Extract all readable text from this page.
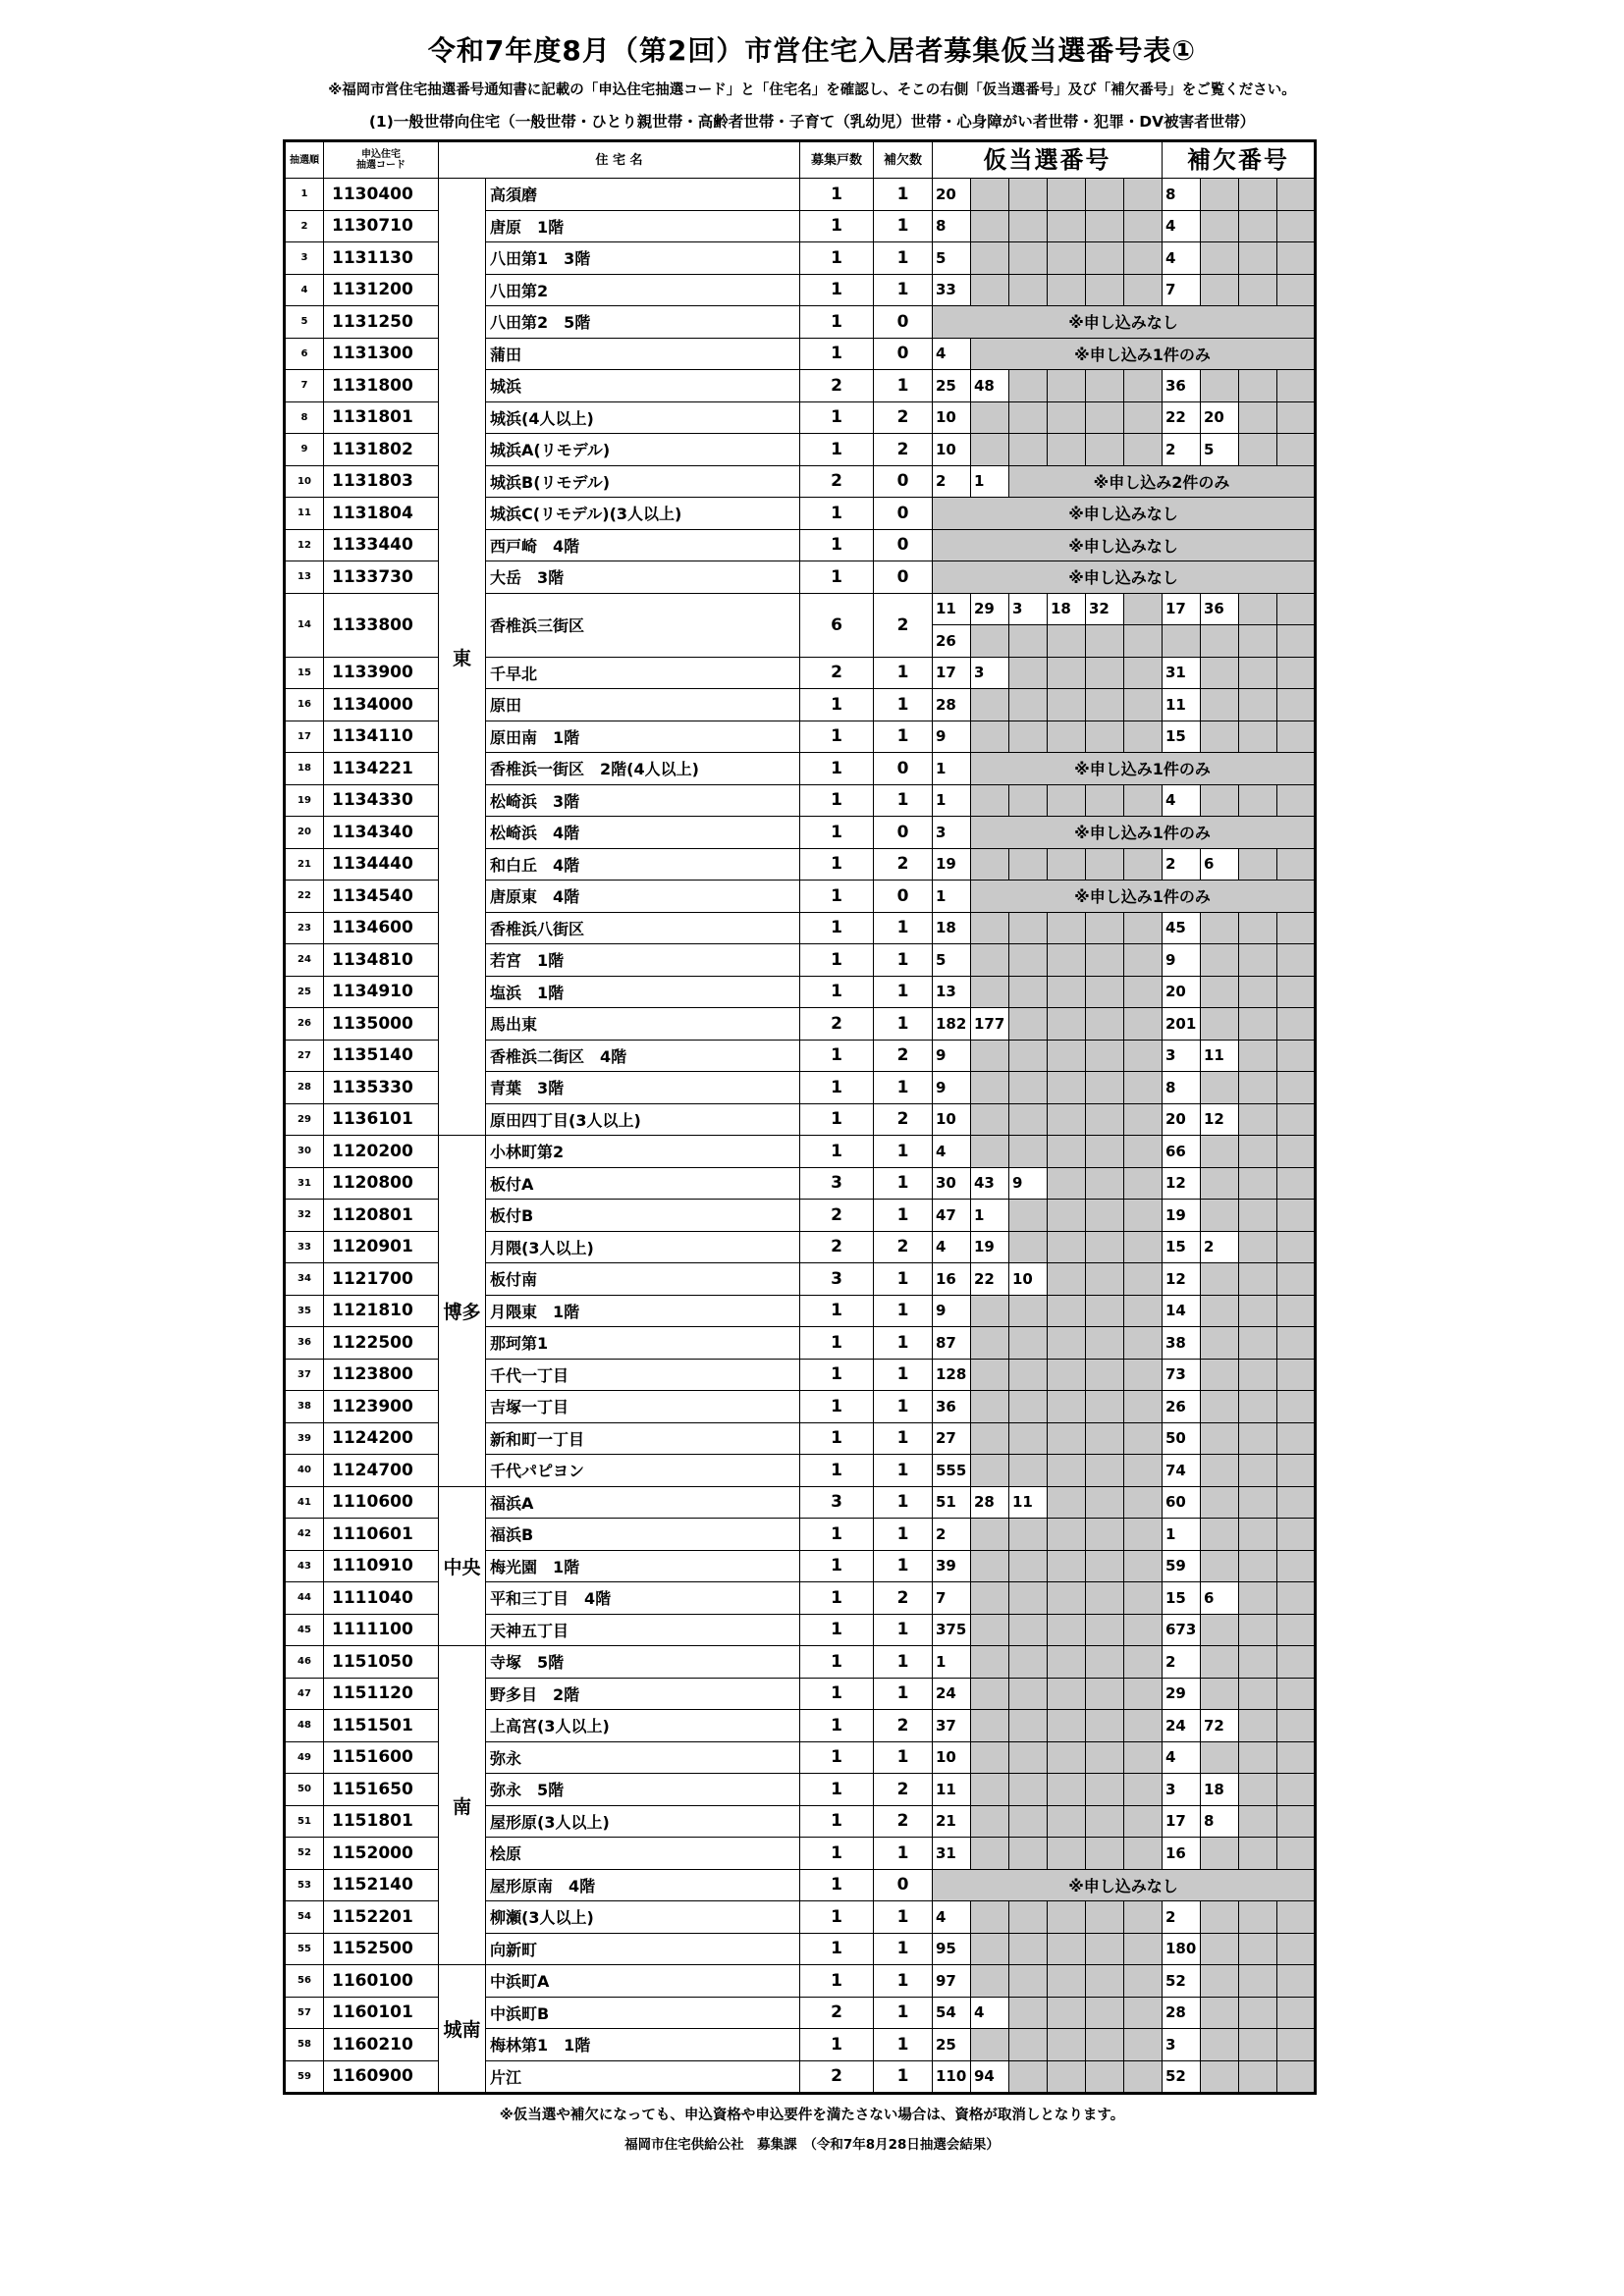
令和7年度8月（第2回）市営住宅入居者募集仮当選番号表①
※福岡市営住宅抽選番号通知書に記載の「申込住宅抽選コード」と「住宅名」を確認し、そこの右側「仮当選番号」及び「補欠番号」をご覧ください。
(1)一般世帯向住宅（一般世帯・ひとり親世帯・高齢者世帯・子育て（乳幼児）世帯・心身障がい者世帯・犯罪・DV被害者世帯）
抽選順	申込住宅
抽選コード	住 宅 名		募集戸数	補欠数	仮当選番号						補欠番号			
1	1130400	東	高須磨	1	1	20						8			
2	1130710		唐原　1階	1	1	8						4			
3	1131130		八田第1　3階	1	1	5						4			
4	1131200		八田第2	1	1	33						7			
5	1131250		八田第2　5階	1	0	※申し込みなし									
6	1131300		蒲田	1	0	4	※申し込み1件のみ								
7	1131800		城浜	2	1	25	48					36			
8	1131801		城浜(4人以上)	1	2	10						22	20		
9	1131802		城浜A(リモデル)	1	2	10						2	5		
10	1131803		城浜B(リモデル)	2	0	2	1	※申し込み2件のみ							
11	1131804		城浜C(リモデル)(3人以上)	1	0	※申し込みなし									
12	1133440		西戸崎　4階	1	0	※申し込みなし									
13	1133730		大岳　3階	1	0	※申し込みなし									
14	1133800		香椎浜三街区	6	2	11	29	3	18	32		17	36		
						26									
15	1133900		千早北	2	1	17	3					31			
16	1134000		原田	1	1	28						11			
17	1134110		原田南　1階	1	1	9						15			
18	1134221		香椎浜一街区　2階(4人以上)	1	0	1	※申し込み1件のみ								
19	1134330		松崎浜　3階	1	1	1						4			
20	1134340		松崎浜　4階	1	0	3	※申し込み1件のみ								
21	1134440		和白丘　4階	1	2	19						2	6		
22	1134540		唐原東　4階	1	0	1	※申し込み1件のみ								
23	1134600		香椎浜八街区	1	1	18						45			
24	1134810		若宮　1階	1	1	5						9			
25	1134910		塩浜　1階	1	1	13						20			
26	1135000		馬出東	2	1	182	177					201			
27	1135140		香椎浜二街区　4階	1	2	9						3	11		
28	1135330		青葉　3階	1	1	9						8			
29	1136101		原田四丁目(3人以上)	1	2	10						20	12		
30	1120200	博多	小林町第2	1	1	4						66			
31	1120800		板付A	3	1	30	43	9				12			
32	1120801		板付B	2	1	47	1					19			
33	1120901		月隈(3人以上)	2	2	4	19					15	2		
34	1121700		板付南	3	1	16	22	10				12			
35	1121810		月隈東　1階	1	1	9						14			
36	1122500		那珂第1	1	1	87						38			
37	1123800		千代一丁目	1	1	128						73			
38	1123900		吉塚一丁目	1	1	36						26			
39	1124200		新和町一丁目	1	1	27						50			
40	1124700		千代パピヨン	1	1	555						74			
41	1110600	中央	福浜A	3	1	51	28	11				60			
42	1110601		福浜B	1	1	2						1			
43	1110910		梅光園　1階	1	1	39						59			
44	1111040		平和三丁目　4階	1	2	7						15	6		
45	1111100		天神五丁目	1	1	375						673			
46	1151050	南	寺塚　5階	1	1	1						2			
47	1151120		野多目　2階	1	1	24						29			
48	1151501		上高宮(3人以上)	1	2	37						24	72		
49	1151600		弥永	1	1	10						4			
50	1151650		弥永　5階	1	2	11						3	18		
51	1151801		屋形原(3人以上)	1	2	21						17	8		
52	1152000		桧原	1	1	31						16			
53	1152140		屋形原南　4階	1	0	※申し込みなし									
54	1152201		柳瀬(3人以上)	1	1	4						2			
55	1152500		向新町	1	1	95						180			
56	1160100	城南	中浜町A	1	1	97						52			
57	1160101		中浜町B	2	1	54	4					28			
58	1160210		梅林第1　1階	1	1	25						3			
59	1160900		片江	2	1	110	94					52			
※仮当選や補欠になっても、申込資格や申込要件を満たさない場合は、資格が取消しとなります。
福岡市住宅供給公社　募集課　（令和7年8月28日抽選会結果）
